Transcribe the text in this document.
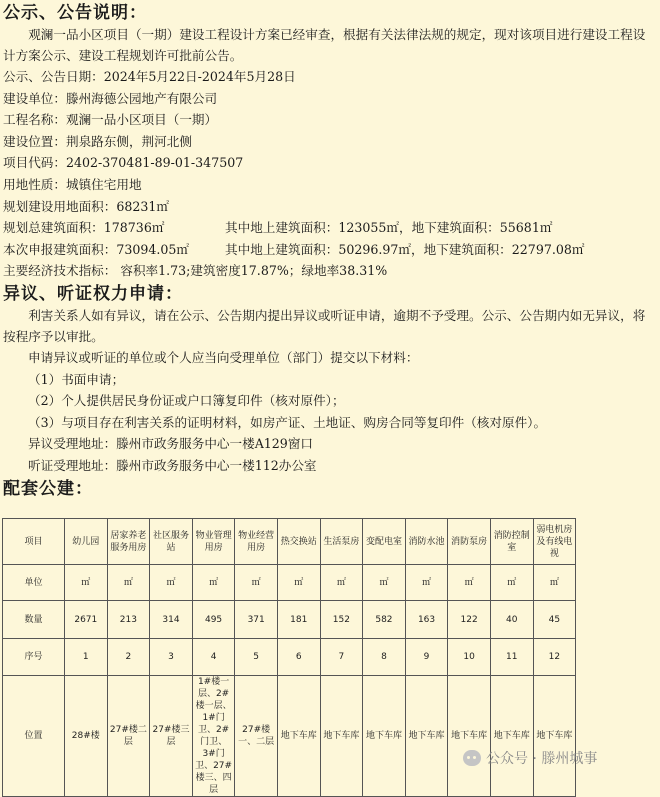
公示、公告说明：
观澜一品小区项目（一期）建设工程设计方案已经审查，根据有关法律法规的规定，现对该项目进行建设工程设计方案公示、建设工程规划许可批前公告。
公示、公告日期：2024年5月22日-2024年5月28日
建设单位：滕州海德公园地产有限公司
工程名称：观澜一品小区项目（一期）
建设位置：荆泉路东侧，荆河北侧
项目代码：2402-370481-89-01-347507
用地性质：城镇住宅用地
规划建设用地面积：68231㎡
规划总建筑面积：178736㎡	其中地上建筑面积：123055㎡，地下建筑面积：55681㎡
本次申报建筑面积：73094.05㎡	其中地上建筑面积：50296.97㎡，地下建筑面积：22797.08㎡
主要经济技术指标： 容积率1.73;建筑密度17.87%；绿地率38.31%
异议、听证权力申请：
利害关系人如有异议，请在公示、公告期内提出异议或听证申请，逾期不予受理。公示、公告期内如无异议，将按程序予以审批。
申请异议或听证的单位或个人应当向受理单位（部门）提交以下材料：
（1）书面申请；
（2）个人提供居民身份证或户口簿复印件（核对原件）；
（3）与项目存在利害关系的证明材料，如房产证、土地证、购房合同等复印件（核对原件）。
异议受理地址：滕州市政务服务中心一楼A129窗口
听证受理地址：滕州市政务服务中心一楼112办公室
配套公建：
项目	幼儿园	居家养老服务用房	社区服务站	物业管理用房	物业经营用房	热交换站	生活泵房	变配电室	消防水池	消防泵房	消防控制室	弱电机房及有线电视
单位	㎡	㎡	㎡	㎡	㎡	㎡	㎡	㎡	㎡	㎡	㎡	㎡
数量	2671	213	314	495	371	181	152	582	163	122	40	45
序号	1	2	3	4	5	6	7	8	9	10	11	12
位置	28#楼	27#楼二层	27#楼三层	1#楼一层、2#楼一层、1#门卫、2#门卫、3#门卫、27#楼三、四层	27#楼一、二层	地下车库	地下车库	地下车库	地下车库	地下车库	地下车库	地下车库
公众号 · 滕州城事
